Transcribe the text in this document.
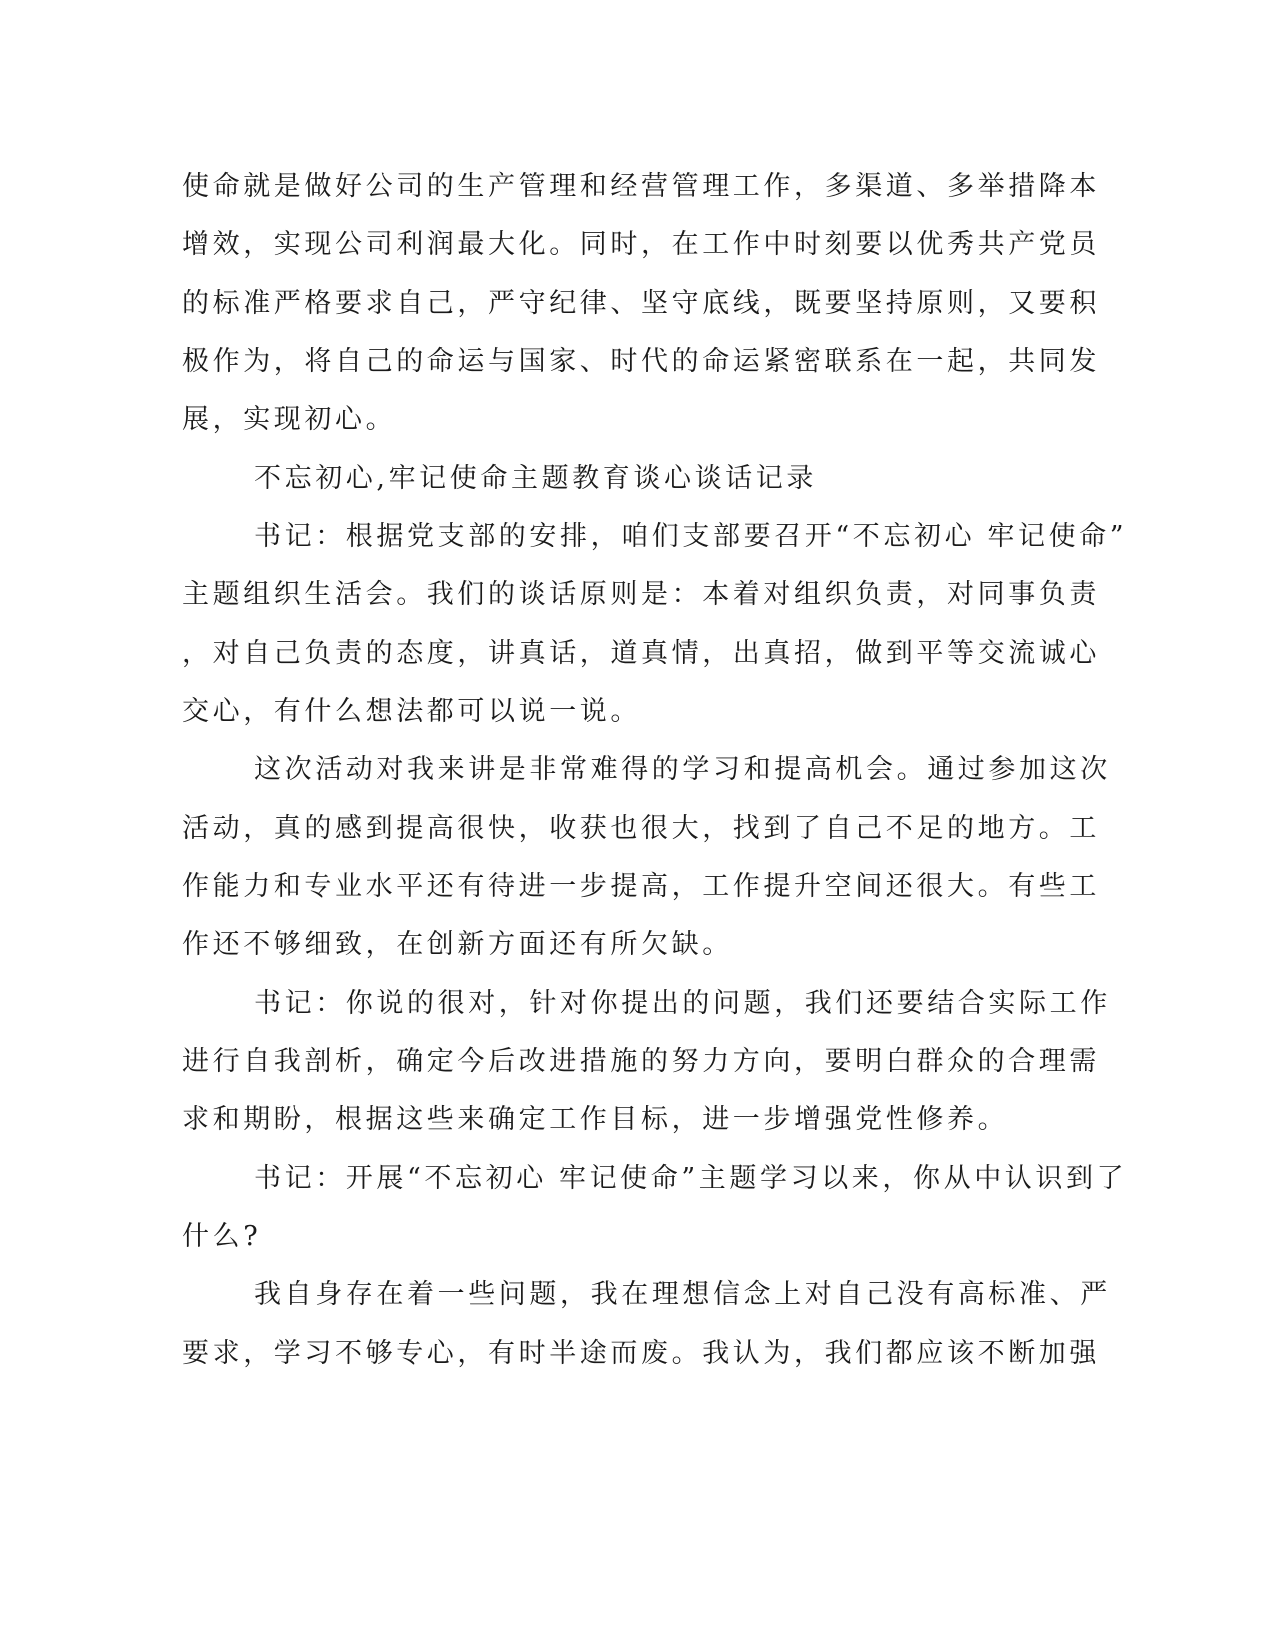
使命就是做好公司的生产管理和经营管理工作，多渠道、多举措降本
增效，实现公司利润最大化。同时，在工作中时刻要以优秀共产党员
的标准严格要求自己，严守纪律、坚守底线，既要坚持原则，又要积
极作为，将自己的命运与国家、时代的命运紧密联系在一起，共同发
展，实现初心。
不忘初心,牢记使命主题教育谈心谈话记录
书记：根据党支部的安排，咱们支部要召开“不忘初心 牢记使命”
主题组织生活会。我们的谈话原则是：本着对组织负责，对同事负责
，对自己负责的态度，讲真话，道真情，出真招，做到平等交流诚心
交心，有什么想法都可以说一说。
这次活动对我来讲是非常难得的学习和提高机会。通过参加这次
活动，真的感到提高很快，收获也很大，找到了自己不足的地方。工
作能力和专业水平还有待进一步提高，工作提升空间还很大。有些工
作还不够细致，在创新方面还有所欠缺。
书记：你说的很对，针对你提出的问题，我们还要结合实际工作
进行自我剖析，确定今后改进措施的努力方向，要明白群众的合理需
求和期盼，根据这些来确定工作目标，进一步增强党性修养。
书记：开展“不忘初心 牢记使命”主题学习以来，你从中认识到了
什么?
我自身存在着一些问题，我在理想信念上对自己没有高标准、严
要求，学习不够专心，有时半途而废。我认为，我们都应该不断加强
